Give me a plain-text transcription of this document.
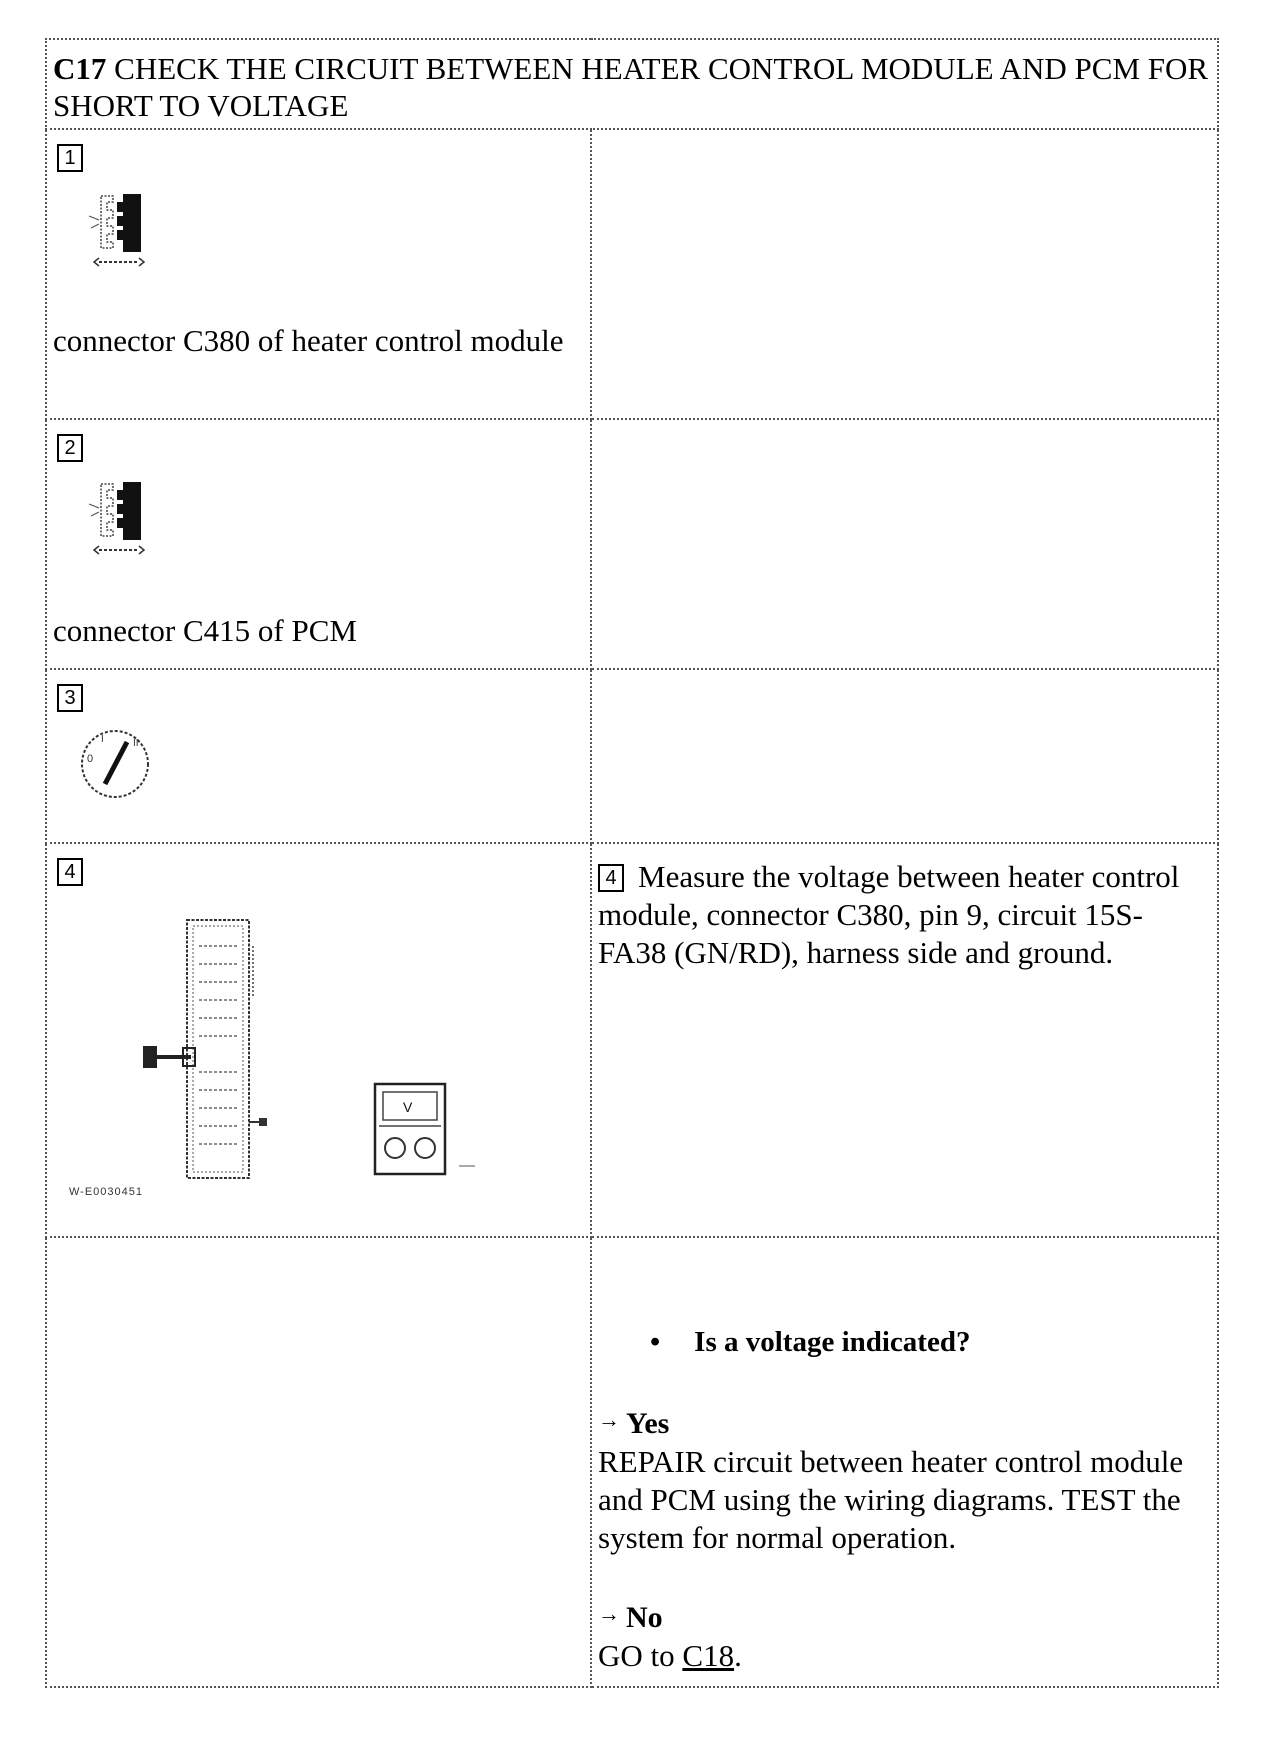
C17 CHECK THE CIRCUIT BETWEEN HEATER CONTROL MODULE AND PCM FOR SHORT TO VOLTAGE	

1
connector C380 of heater control module	

2
connector C415 of PCM	

3
0
I II	

4
V
W-E0030451	4 Measure the voltage between heater control module, connector C380, pin 9, circuit 15S-FA38 (GN/RD), harness side and ground.

	• Is a voltage indicated?
→ Yes
REPAIR circuit between heater control module and PCM using the wiring diagrams. TEST the system for normal operation.
→ No
GO to C18.
